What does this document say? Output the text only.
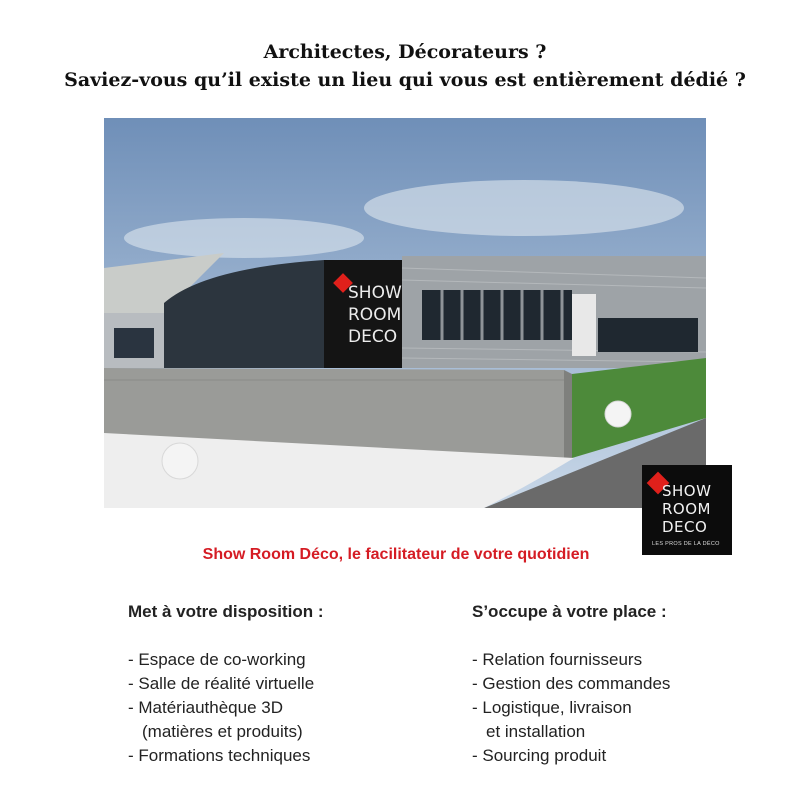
Architectes, Décorateurs ?
Saviez-vous qu’il existe un lieu qui vous est entièrement dédié ?
SHOW
ROOM
DECO
SHOW
ROOM
DECO
LES PROS DE LA DÉCO
Show Room Déco, le facilitateur de votre quotidien
Met à votre disposition :
- Espace de co-working
- Salle de réalité virtuelle
- Matériauthèque 3D
(matières et produits)
- Formations techniques
S’occupe à votre place :
- Relation fournisseurs
- Gestion des commandes
- Logistique, livraison
et installation
- Sourcing produit
